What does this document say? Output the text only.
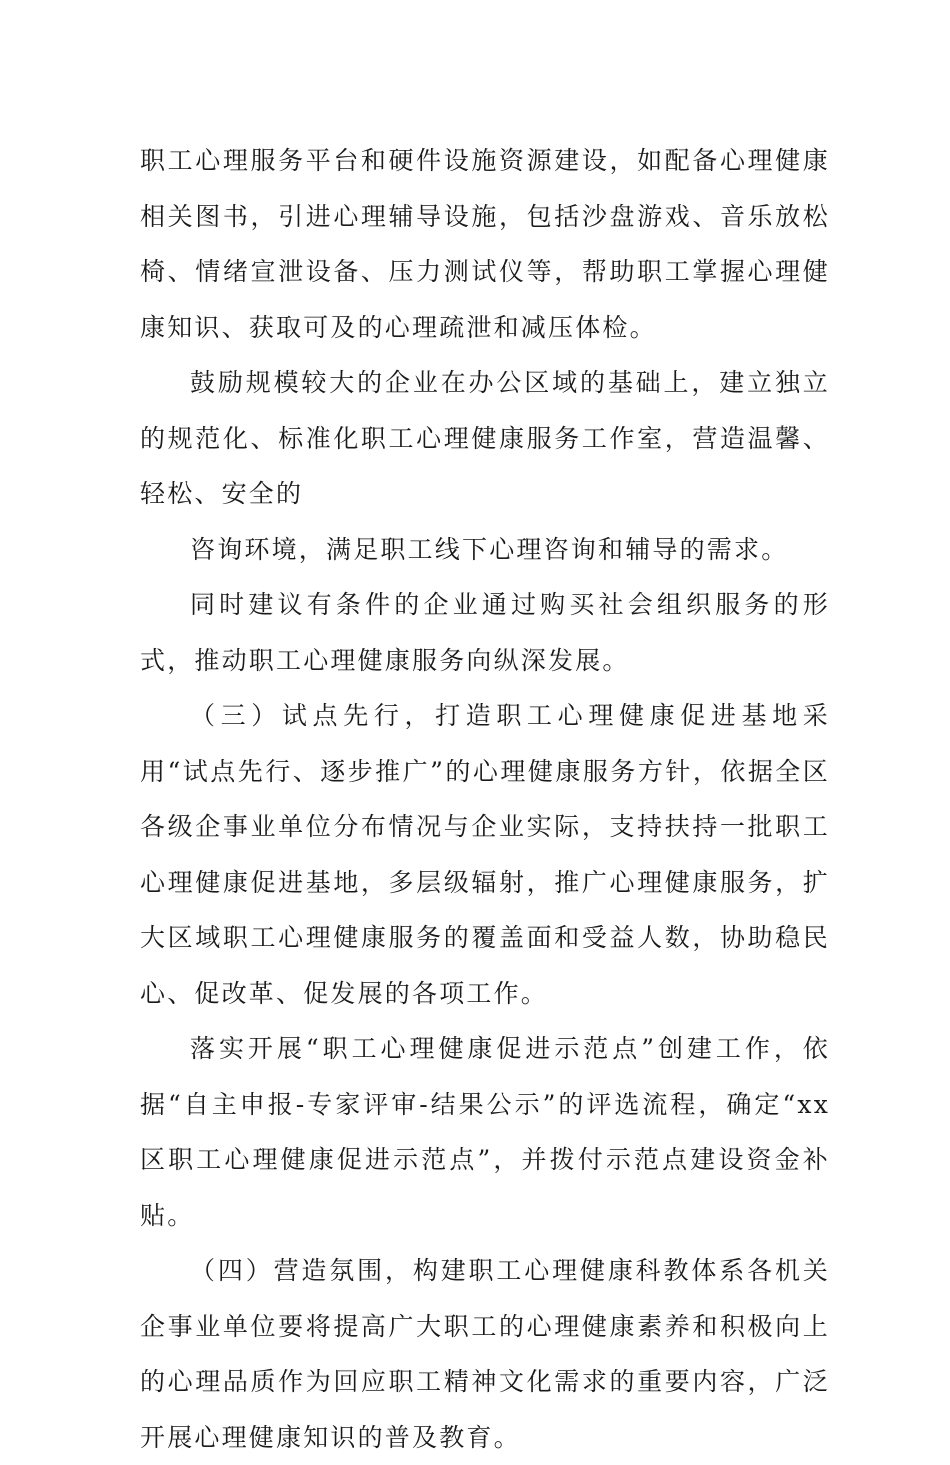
职工心理服务平台和硬件设施资源建设，如配备心理健康相关图书，引进心理辅导设施，包括沙盘游戏、音乐放松椅、情绪宣泄设备、压力测试仪等，帮助职工掌握心理健康知识、获取可及的心理疏泄和减压体检。

鼓励规模较大的企业在办公区域的基础上，建立独立的规范化、标准化职工心理健康服务工作室，营造温馨、轻松、安全的

咨询环境，满足职工线下心理咨询和辅导的需求。

同时建议有条件的企业通过购买社会组织服务的形式，推动职工心理健康服务向纵深发展。

（三）试点先行，打造职工心理健康促进基地采用“试点先行、逐步推广”的心理健康服务方针，依据全区各级企事业单位分布情况与企业实际，支持扶持一批职工心理健康促进基地，多层级辐射，推广心理健康服务，扩大区域职工心理健康服务的覆盖面和受益人数，协助稳民心、促改革、促发展的各项工作。

落实开展“职工心理健康促进示范点”创建工作，依据“自主申报-专家评审-结果公示”的评选流程，确定“xx区职工心理健康促进示范点”，并拨付示范点建设资金补贴。

（四）营造氛围，构建职工心理健康科教体系各机关企事业单位要将提高广大职工的心理健康素养和积极向上的心理品质作为回应职工精神文化需求的重要内容，广泛开展心理健康知识的普及教育。
